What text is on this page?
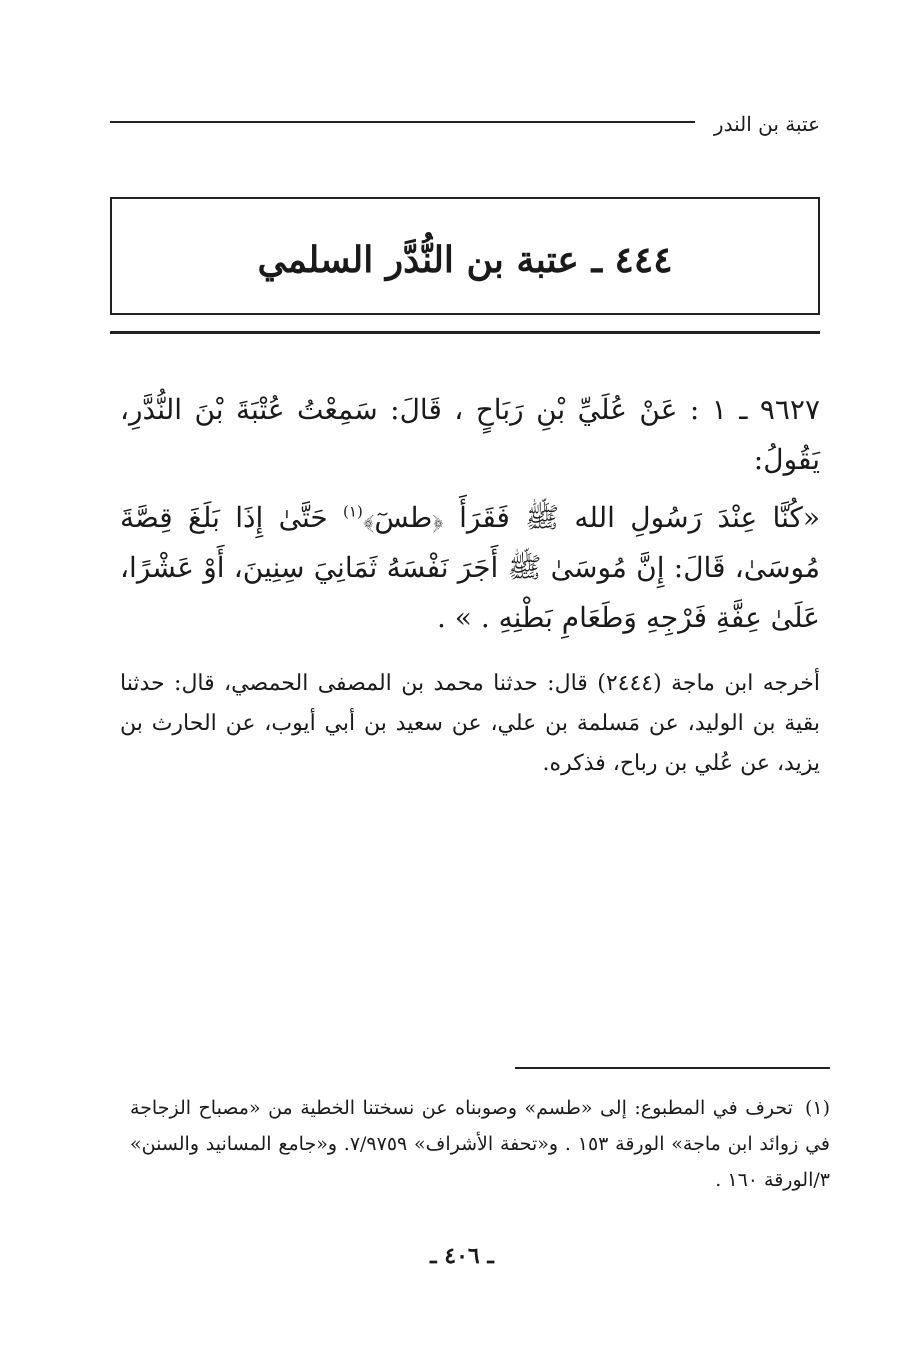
عتبة بن الندر
٤٤٤ ـ عتبة بن النُّدَّر السلمي

٩٦٢٧ ـ ١ : عَنْ عُلَيِّ بْنِ رَبَاحٍ ، قَالَ: سَمِعْتُ عُتْبَةَ بْنَ النُّدَّرِ، يَقُولُ:

«كُنَّا عِنْدَ رَسُولِ الله ﷺ فَقَرَأَ ﴿طسٓ﴾$^{(١)}$ حَتَّىٰ إِذَا بَلَغَ قِصَّةَ مُوسَىٰ، قَالَ: إِنَّ مُوسَىٰ ﷺ أَجَرَ نَفْسَهُ ثَمَانِيَ سِنِينَ، أَوْ عَشْرًا، عَلَىٰ عِفَّةِ فَرْجِهِ وَطَعَامِ بَطْنِهِ . » .

أخرجه ابن ماجة (٢٤٤٤) قال: حدثنا محمد بن المصفى الحمصي، قال: حدثنا بقية بن الوليد، عن مَسلمة بن علي، عن سعيد بن أبي أيوب، عن الحارث بن يزيد، عن عُلي بن رباح، فذكره.

(١)تحرف في المطبوع: إلى «طسم» وصوبناه عن نسختنا الخطية من «مصباح الزجاجة في زوائد ابن ماجة» الورقة ١٥٣ . و«تحفة الأشراف» ٧/٩٧٥٩. و«جامع المسانيد والسنن» ٣/الورقة ١٦٠ .

ـ ٤٠٦ ـ
